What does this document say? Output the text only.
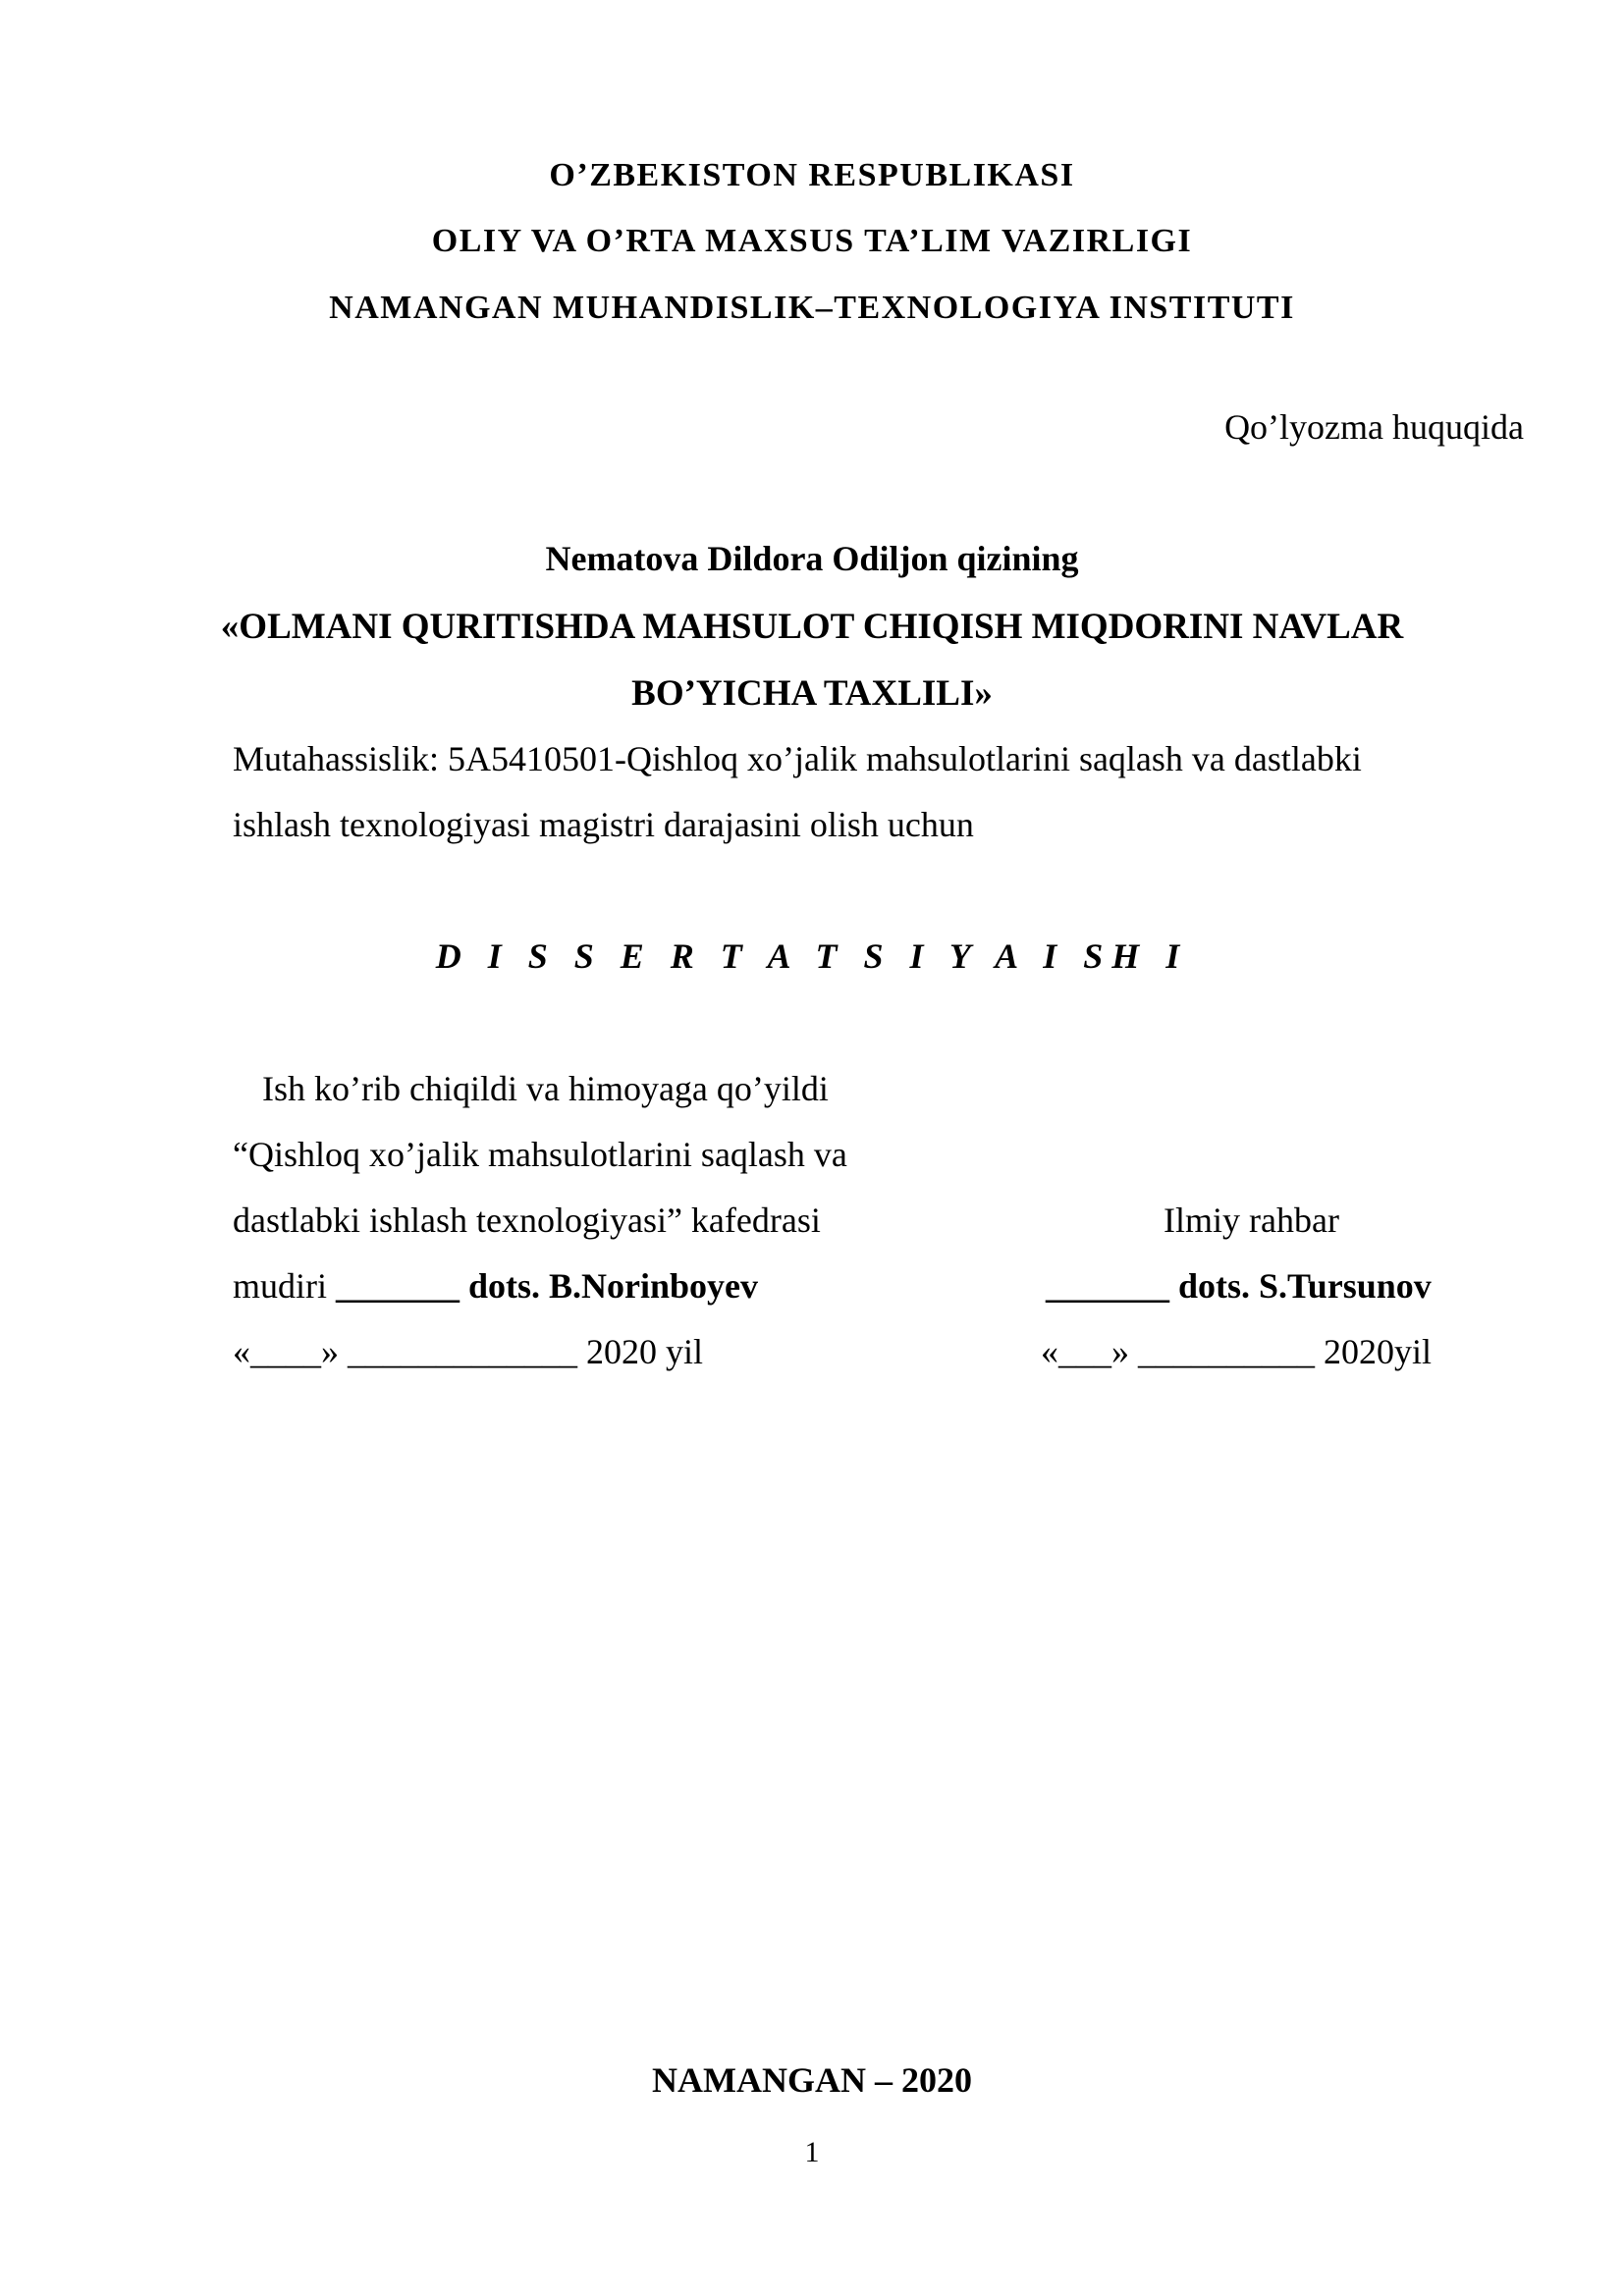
O’ZBEKISTON RESPUBLIKASI
OLIY VA O’RTA MAXSUS TA’LIM VAZIRLIGI
NAMANGAN MUHANDISLIK–TEXNOLOGIYA INSTITUTI
Qo’lyozma huquqida
Nematova Dildora Odiljon qizining
«OLMANI QURITISHDA MAHSULOT CHIQISH MIQDORINI NAVLAR
BO’YICHA TAXLILI»
Mutahassislik: 5A5410501-Qishloq xo’jalik mahsulotlarini saqlash va dastlabki
ishlash texnologiyasi magistri darajasini olish uchun
D I S S E R T A T S I Y A I SH I
Ish ko’rib chiqildi va himoyaga qo’yildi
“Qishloq xo’jalik mahsulotlarini saqlash va
dastlabki ishlash texnologiyasi” kafedrasi
mudiri _______ dots. B.Norinboyev
«____» _____________ 2020 yil
Ilmiy rahbar
_______ dots. S.Tursunov
«___» __________ 2020yil
NAMANGAN – 2020
1
